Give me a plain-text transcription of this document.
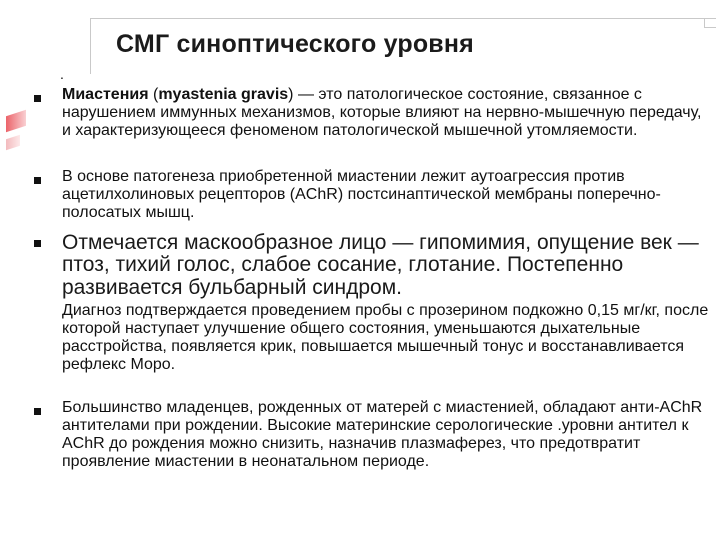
СМГ синоптического уровня
.

Миастения (myastenia gravis) — это патологическое состояние, связанное с нарушением иммунных механизмов, которые влияют на нервно-мышечную передачу, и характеризующееся феноменом патологической мышечной утомляемости.

В основе патогенеза приобретенной миастении лежит аутоагрессия против ацетилхолиновых рецепторов (AChR) постсинаптической мембраны поперечно-полосатых мышц.

Отмечается маскообразное лицо — гипомимия, опущение век — птоз, тихий голос, слабое сосание, глотание. Постепенно развивается бульбарный синдром.

Диагноз подтверждается проведением пробы с прозерином подкожно 0,15 мг/кг, после которой наступает улучшение общего состояния, уменьшаются дыхательные расстройства, появляется крик, повышается мышечный тонус и восстанавливается рефлекс Моро.

Большинство младенцев, рожденных от матерей с миастенией, обладают анти-AChR антителами при рождении. Высокие материнские серологические .уровни антител к AChR до рождения можно снизить, назначив плазмаферез, что предотвратит проявление миастении в неонатальном периоде.
